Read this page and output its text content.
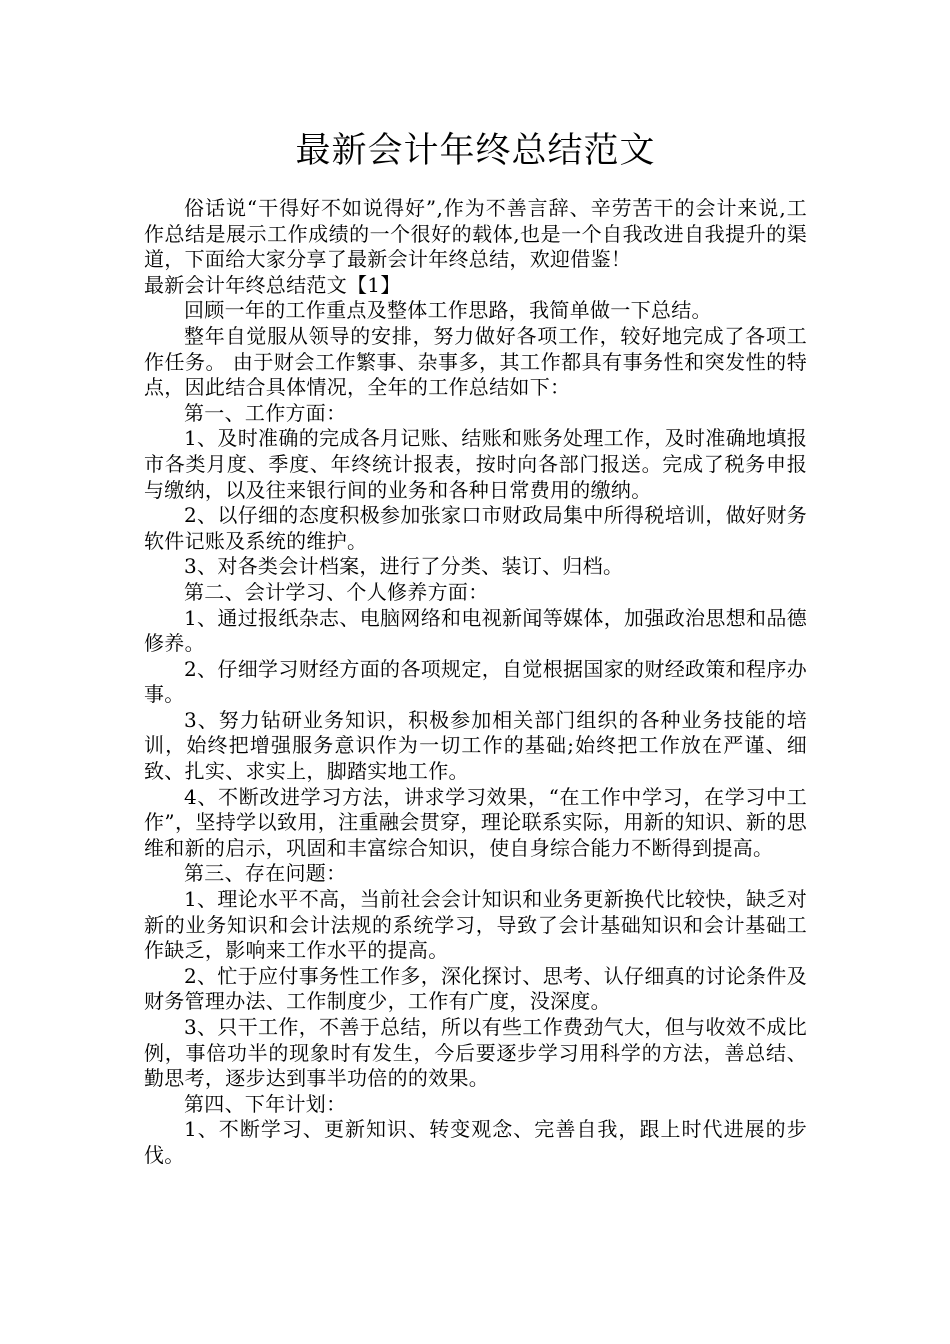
最新会计年终总结范文

俗话说“干得好不如说得好”,作为不善言辞、辛劳苦干的会计来说,工作总结是展示工作成绩的一个很好的载体,也是一个自我改进自我提升的渠道，下面给大家分享了最新会计年终总结，欢迎借鉴！

最新会计年终总结范文【1】

回顾一年的工作重点及整体工作思路，我简单做一下总结。

整年自觉服从领导的安排，努力做好各项工作，较好地完成了各项工作任务。 由于财会工作繁事、杂事多，其工作都具有事务性和突发性的特点，因此结合具体情况，全年的工作总结如下：

第一、工作方面：

1、及时准确的完成各月记账、结账和账务处理工作，及时准确地填报市各类月度、季度、年终统计报表，按时向各部门报送。完成了税务申报与缴纳，以及往来银行间的业务和各种日常费用的缴纳。

2、以仔细的态度积极参加张家口市财政局集中所得税培训，做好财务软件记账及系统的维护。

3、对各类会计档案，进行了分类、装订、归档。

第二、会计学习、个人修养方面：

1、通过报纸杂志、电脑网络和电视新闻等媒体，加强政治思想和品德修养。

2、仔细学习财经方面的各项规定，自觉根据国家的财经政策和程序办事。

3、努力钻研业务知识，积极参加相关部门组织的各种业务技能的培训，始终把增强服务意识作为一切工作的基础;始终把工作放在严谨、细致、扎实、求实上，脚踏实地工作。

4、不断改进学习方法，讲求学习效果，“在工作中学习，在学习中工作”，坚持学以致用，注重融会贯穿，理论联系实际，用新的知识、新的思维和新的启示，巩固和丰富综合知识，使自身综合能力不断得到提高。

第三、存在问题：

1、理论水平不高，当前社会会计知识和业务更新换代比较快，缺乏对新的业务知识和会计法规的系统学习，导致了会计基础知识和会计基础工作缺乏，影响来工作水平的提高。

2、忙于应付事务性工作多，深化探讨、思考、认仔细真的讨论条件及财务管理办法、工作制度少，工作有广度，没深度。

3、只干工作，不善于总结，所以有些工作费劲气大，但与收效不成比例，事倍功半的现象时有发生，今后要逐步学习用科学的方法，善总结、勤思考，逐步达到事半功倍的的效果。

第四、下年计划：

1、不断学习、更新知识、转变观念、完善自我，跟上时代进展的步伐。
